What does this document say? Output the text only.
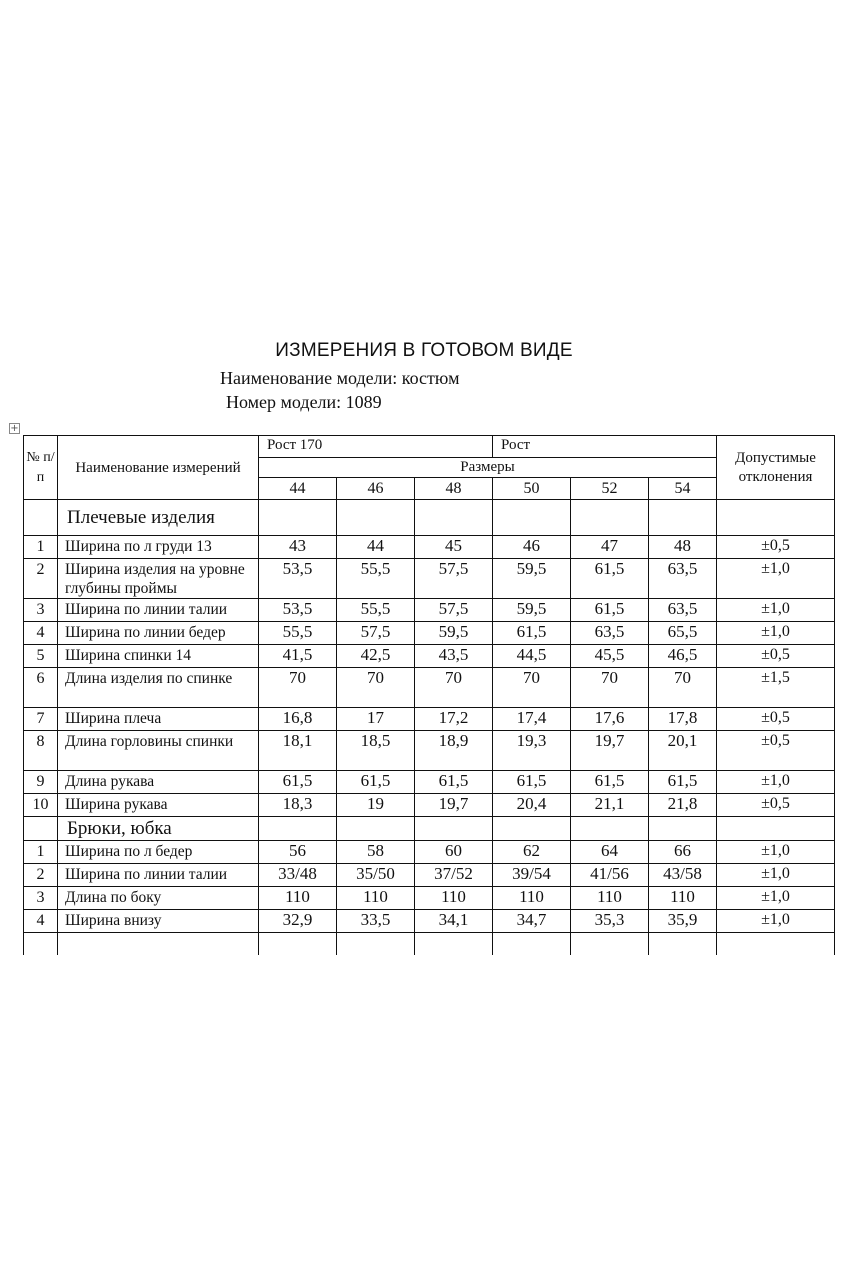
ИЗМЕРЕНИЯ В ГОТОВОМ ВИДЕ
Наименование модели: костюм
Номер модели: 1089
+
№ п/ п	Наименование измерений	Рост 170			Рост			Допустимые отклонения
		Размеры						
		44	46	48	50	52	54	
	Плечевые изделия							
1	Ширина по л груди 13	43	44	45	46	47	48	±0,5
2	Ширина изделия на уровне глубины проймы	53,5	55,5	57,5	59,5	61,5	63,5	±1,0
3	Ширина по линии талии	53,5	55,5	57,5	59,5	61,5	63,5	±1,0
4	Ширина по линии бедер	55,5	57,5	59,5	61,5	63,5	65,5	±1,0
5	Ширина спинки 14	41,5	42,5	43,5	44,5	45,5	46,5	±0,5
6	Длина изделия по спинке	70	70	70	70	70	70	±1,5
7	Ширина плеча	16,8	17	17,2	17,4	17,6	17,8	±0,5
8	Длина горловины спинки	18,1	18,5	18,9	19,3	19,7	20,1	±0,5
9	Длина рукава	61,5	61,5	61,5	61,5	61,5	61,5	±1,0
10	Ширина рукава	18,3	19	19,7	20,4	21,1	21,8	±0,5
	Брюки, юбка							
1	Ширина по л бедер	56	58	60	62	64	66	±1,0
2	Ширина по линии талии	33/48	35/50	37/52	39/54	41/56	43/58	±1,0
3	Длина по боку	110	110	110	110	110	110	±1,0
4	Ширина внизу	32,9	33,5	34,1	34,7	35,3	35,9	±1,0
